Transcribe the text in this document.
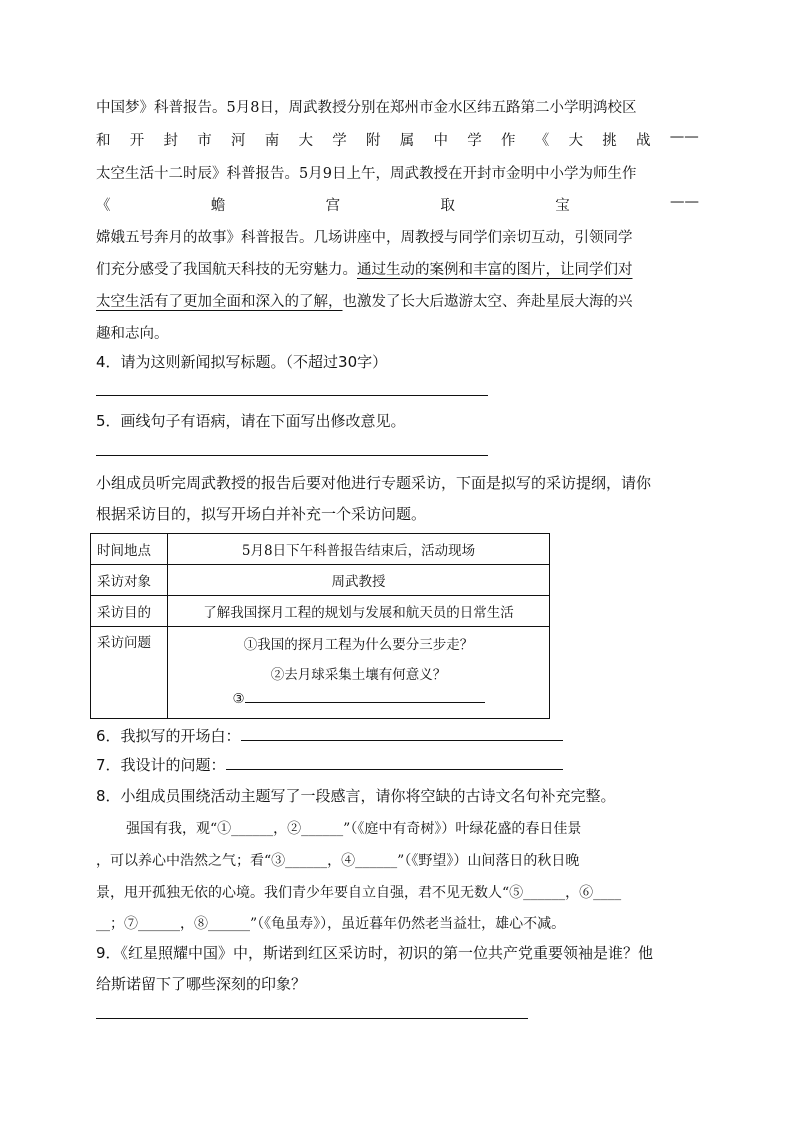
中国梦》科普报告。5月8日，周武教授分别在郑州市金水区纬五路第二小学明鸿校区
和 开 封 市 河 南 大 学 附 属 中 学 作 《 大 挑 战 ——
太空生活十二时辰》科普报告。5月9日上午，周武教授在开封市金明中小学为师生作
《	蟾	宫	取	宝	——
嫦娥五号奔月的故事》科普报告。几场讲座中，周教授与同学们亲切互动，引领同学
们充分感受了我国航天科技的无穷魅力。通过生动的案例和丰富的图片，让同学们对
太空生活有了更加全面和深入的了解，也激发了长大后遨游太空、奔赴星辰大海的兴
趣和志向。
4．请为这则新闻拟写标题。（不超过30字）
5．画线句子有语病，请在下面写出修改意见。
小组成员听完周武教授的报告后要对他进行专题采访，下面是拟写的采访提纲，请你
根据采访目的，拟写开场白并补充一个采访问题。
时间地点	5月8日下午科普报告结束后，活动现场
采访对象	周武教授
采访目的	了解我国探月工程的规划与发展和航天员的日常生活
采访问题	①我国的探月工程为什么要分三步走？
②去月球采集土壤有何意义？
③
6．我拟写的开场白：
7．我设计的问题：
8．小组成员围绕活动主题写了一段感言，请你将空缺的古诗文名句补充完整。
强国有我，观“①______，②______”（《庭中有奇树》）叶绿花盛的春日佳景
，可以养心中浩然之气；看“③______，④______”（《野望》）山间落日的秋日晚
景，甩开孤独无依的心境。我们青少年要自立自强，君不见无数人“⑤______，⑥____
__；⑦______，⑧______”（《龟虽寿》），虽近暮年仍然老当益壮，雄心不减。
9．《红星照耀中国》中，斯诺到红区采访时，初识的第一位共产党重要领袖是谁？他
给斯诺留下了哪些深刻的印象？
